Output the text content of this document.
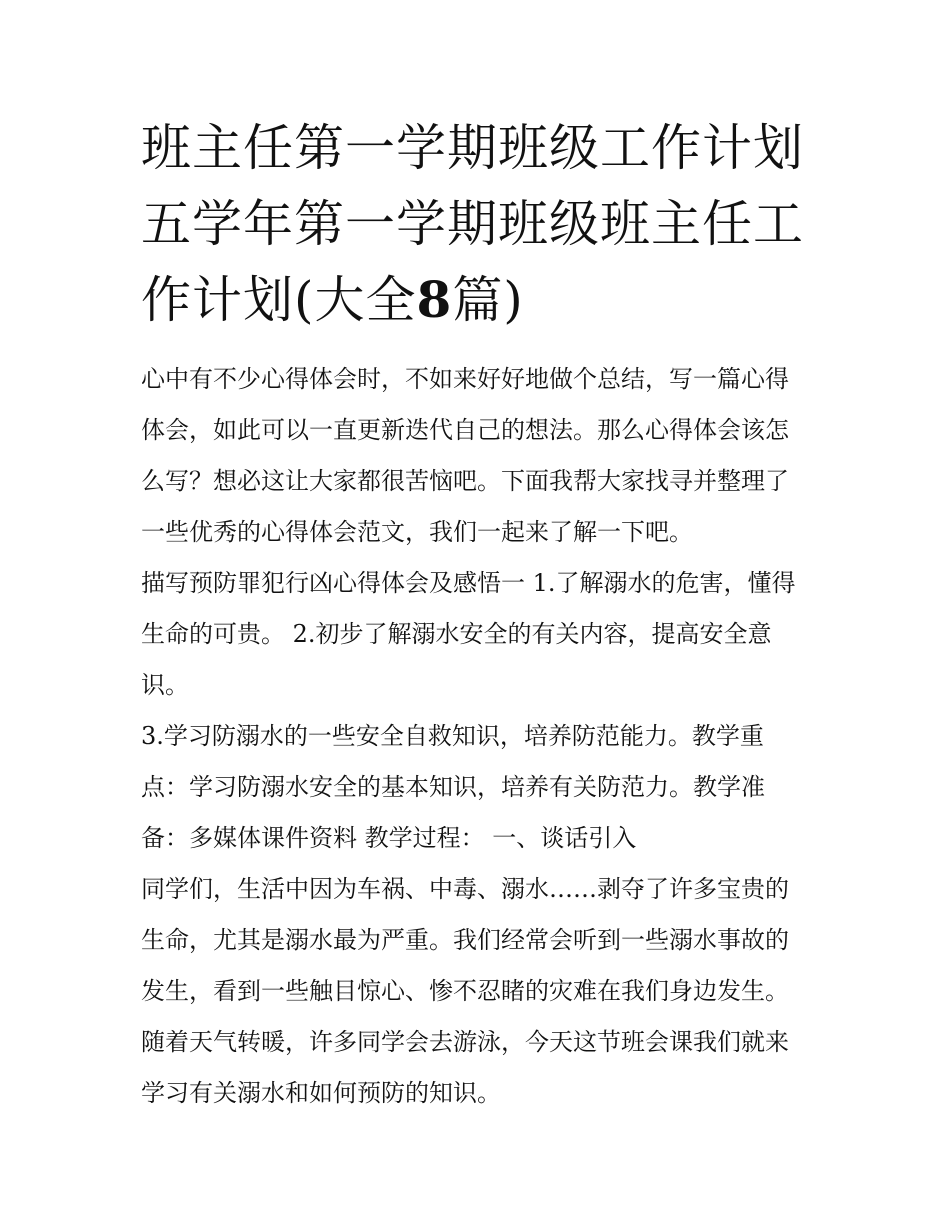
班主任第一学期班级工作计划
五学年第一学期班级班主任工
作计划(大全8篇)
心中有不少心得体会时，不如来好好地做个总结，写一篇心得
体会，如此可以一直更新迭代自己的想法。那么心得体会该怎
么写？想必这让大家都很苦恼吧。下面我帮大家找寻并整理了
一些优秀的心得体会范文，我们一起来了解一下吧。
描写预防罪犯行凶心得体会及感悟一 1.了解溺水的危害，懂得
生命的可贵。 2.初步了解溺水安全的有关内容，提高安全意
识。
3.学习防溺水的一些安全自救知识，培养防范能力。教学重
点：学习防溺水安全的基本知识，培养有关防范力。教学准
备：多媒体课件资料 教学过程： 一、谈话引入
同学们，生活中因为车祸、中毒、溺水……剥夺了许多宝贵的
生命，尤其是溺水最为严重。我们经常会听到一些溺水事故的
发生，看到一些触目惊心、惨不忍睹的灾难在我们身边发生。
随着天气转暖，许多同学会去游泳，今天这节班会课我们就来
学习有关溺水和如何预防的知识。
